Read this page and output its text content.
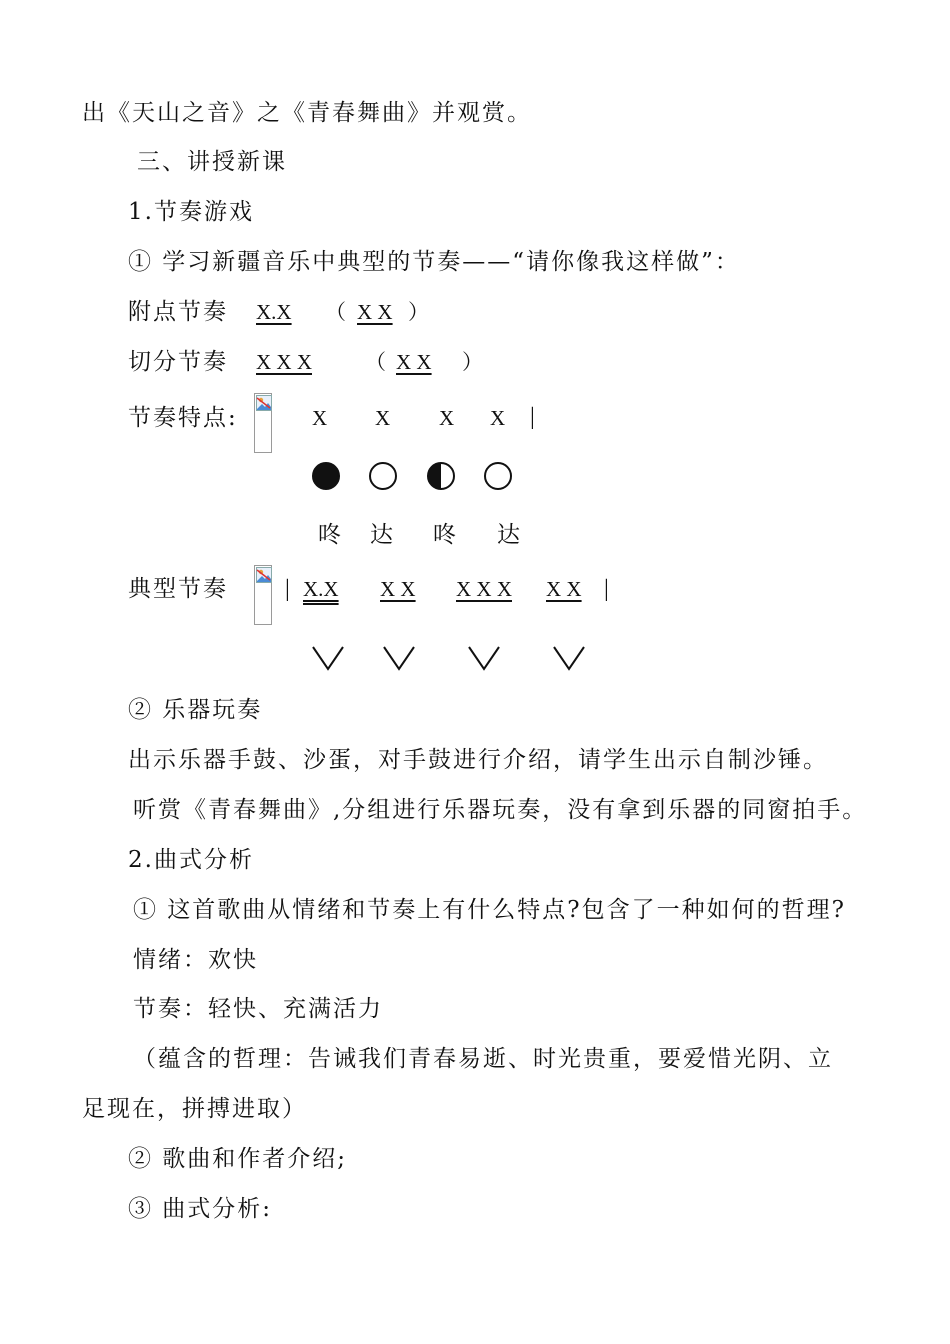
出《天山之音》之《青春舞曲》并观赏。
三、讲授新课
1.节奏游戏
① 学习新疆音乐中典型的节奏——“请你像我这样做”：
附点节奏 X.X （ X X ）
切分节奏 X X X	（ X X ）
节奏特点:	X X X X |
咚 达 咚 达
典型节奏 | X.X X X X X X X X |
② 乐器玩奏
出示乐器手鼓、沙蛋，对手鼓进行介绍，请学生出示自制沙锤。
听赏《青春舞曲》,分组进行乐器玩奏，没有拿到乐器的同窗拍手。
2.曲式分析
① 这首歌曲从情绪和节奏上有什么特点?包含了一种如何的哲理?
情绪：欢快
节奏：轻快、充满活力
（蕴含的哲理：告诫我们青春易逝、时光贵重，要爱惜光阴、立
足现在，拼搏进取）
② 歌曲和作者介绍;
③ 曲式分析:
